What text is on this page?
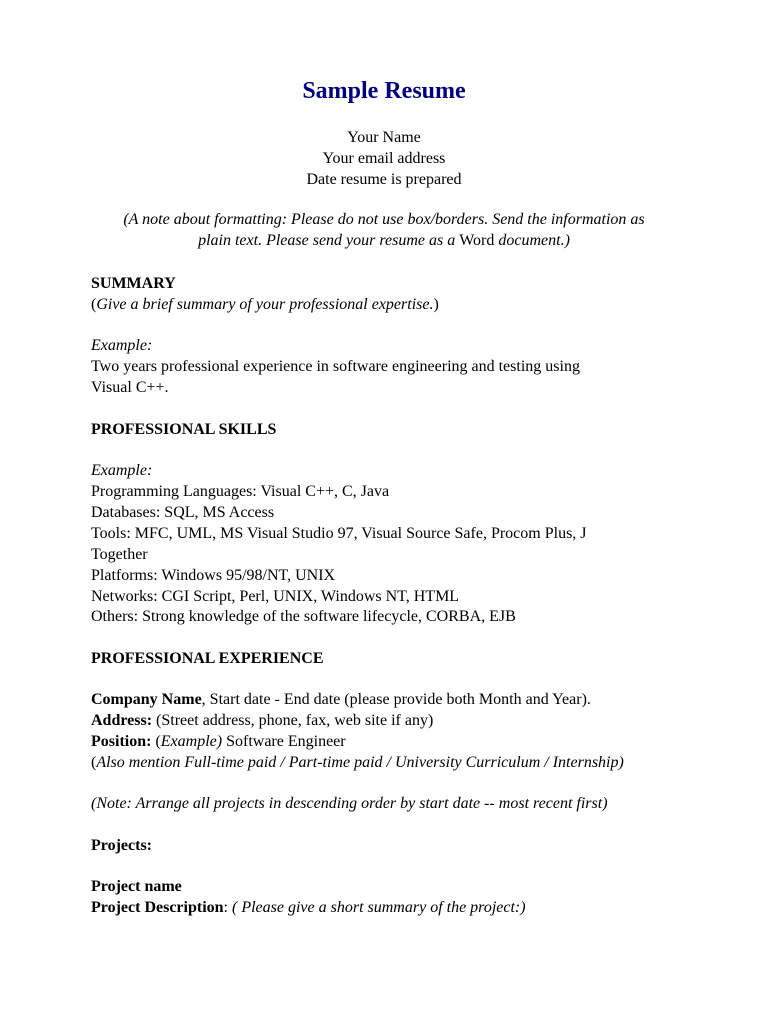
Sample Resume
Your Name
Your email address
Date resume is prepared
(A note about formatting: Please do not use box/borders. Send the information as
plain text. Please send your resume as a Word document.)
SUMMARY
(Give a brief summary of your professional expertise.)
Example:
Two years professional experience in software engineering and testing using
Visual C++.
PROFESSIONAL SKILLS
Example:
Programming Languages: Visual C++, C, Java
Databases: SQL, MS Access
Tools: MFC, UML, MS Visual Studio 97, Visual Source Safe, Procom Plus, J
Together
Platforms: Windows 95/98/NT, UNIX
Networks: CGI Script, Perl, UNIX, Windows NT, HTML
Others: Strong knowledge of the software lifecycle, CORBA, EJB
PROFESSIONAL EXPERIENCE
Company Name, Start date - End date (please provide both Month and Year).
Address: (Street address, phone, fax, web site if any)
Position: (Example) Software Engineer
(Also mention Full-time paid / Part-time paid / University Curriculum / Internship)
(Note: Arrange all projects in descending order by start date -- most recent first)
Projects:
Project name
Project Description: ( Please give a short summary of the project:)
